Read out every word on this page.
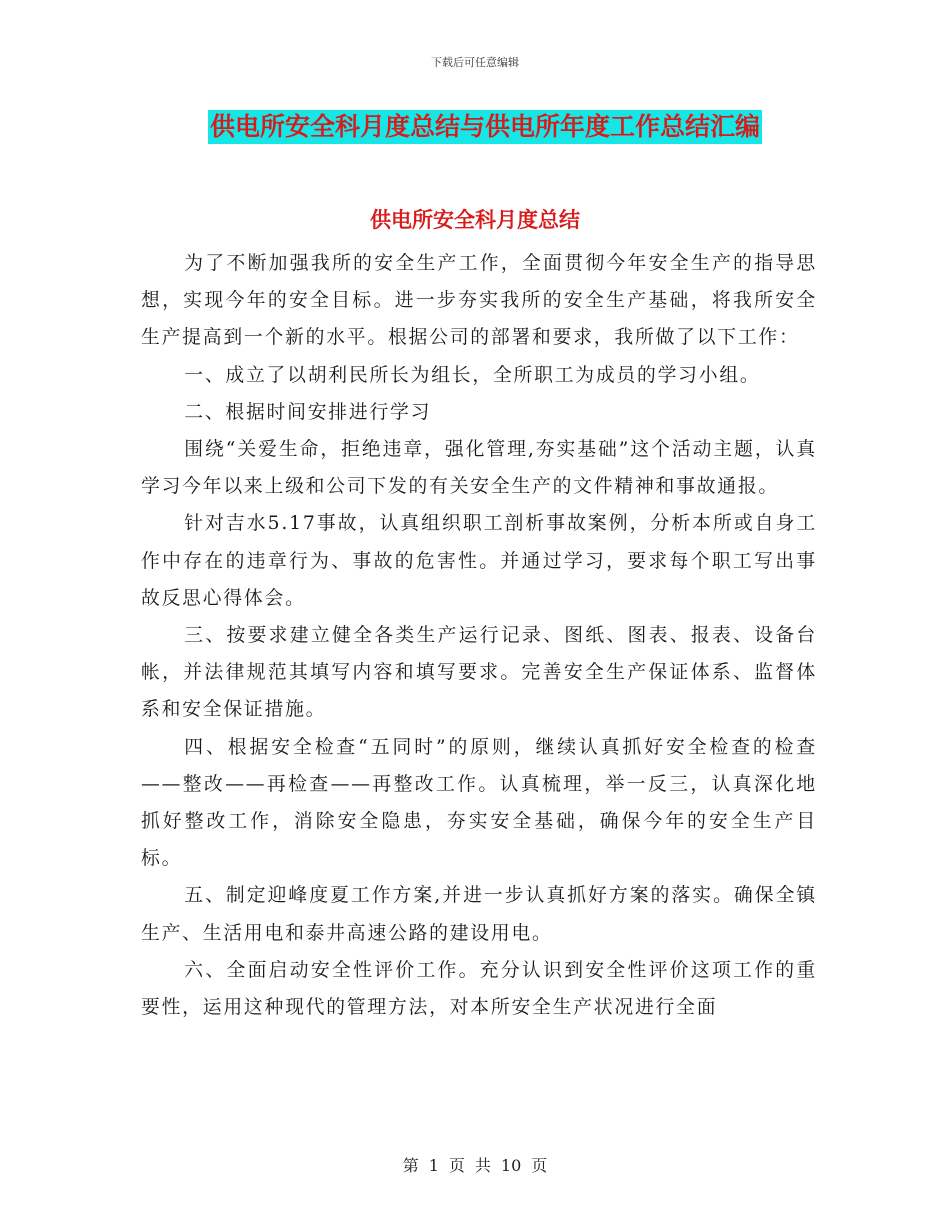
下载后可任意编辑
供电所安全科月度总结与供电所年度工作总结汇编
供电所安全科月度总结

为了不断加强我所的安全生产工作，全面贯彻今年安全生产的指导思想，实现今年的安全目标。进一步夯实我所的安全生产基础，将我所安全生产提高到一个新的水平。根据公司的部署和要求，我所做了以下工作：

一、成立了以胡利民所长为组长，全所职工为成员的学习小组。

二、根据时间安排进行学习

围绕“关爱生命，拒绝违章，强化管理,夯实基础”这个活动主题，认真学习今年以来上级和公司下发的有关安全生产的文件精神和事故通报。

针对吉水5.17事故，认真组织职工剖析事故案例，分析本所或自身工作中存在的违章行为、事故的危害性。并通过学习，要求每个职工写出事故反思心得体会。

三、按要求建立健全各类生产运行记录、图纸、图表、报表、设备台帐，并法律规范其填写内容和填写要求。完善安全生产保证体系、监督体系和安全保证措施。

四、根据安全检查“五同时”的原则，继续认真抓好安全检查的检查——整改——再检查——再整改工作。认真梳理，举一反三，认真深化地抓好整改工作，消除安全隐患，夯实安全基础，确保今年的安全生产目标。

五、制定迎峰度夏工作方案,并进一步认真抓好方案的落实。确保全镇生产、生活用电和泰井高速公路的建设用电。

六、全面启动安全性评价工作。充分认识到安全性评价这项工作的重要性，运用这种现代的管理方法，对本所安全生产状况进行全面

第 1 页 共 10 页
